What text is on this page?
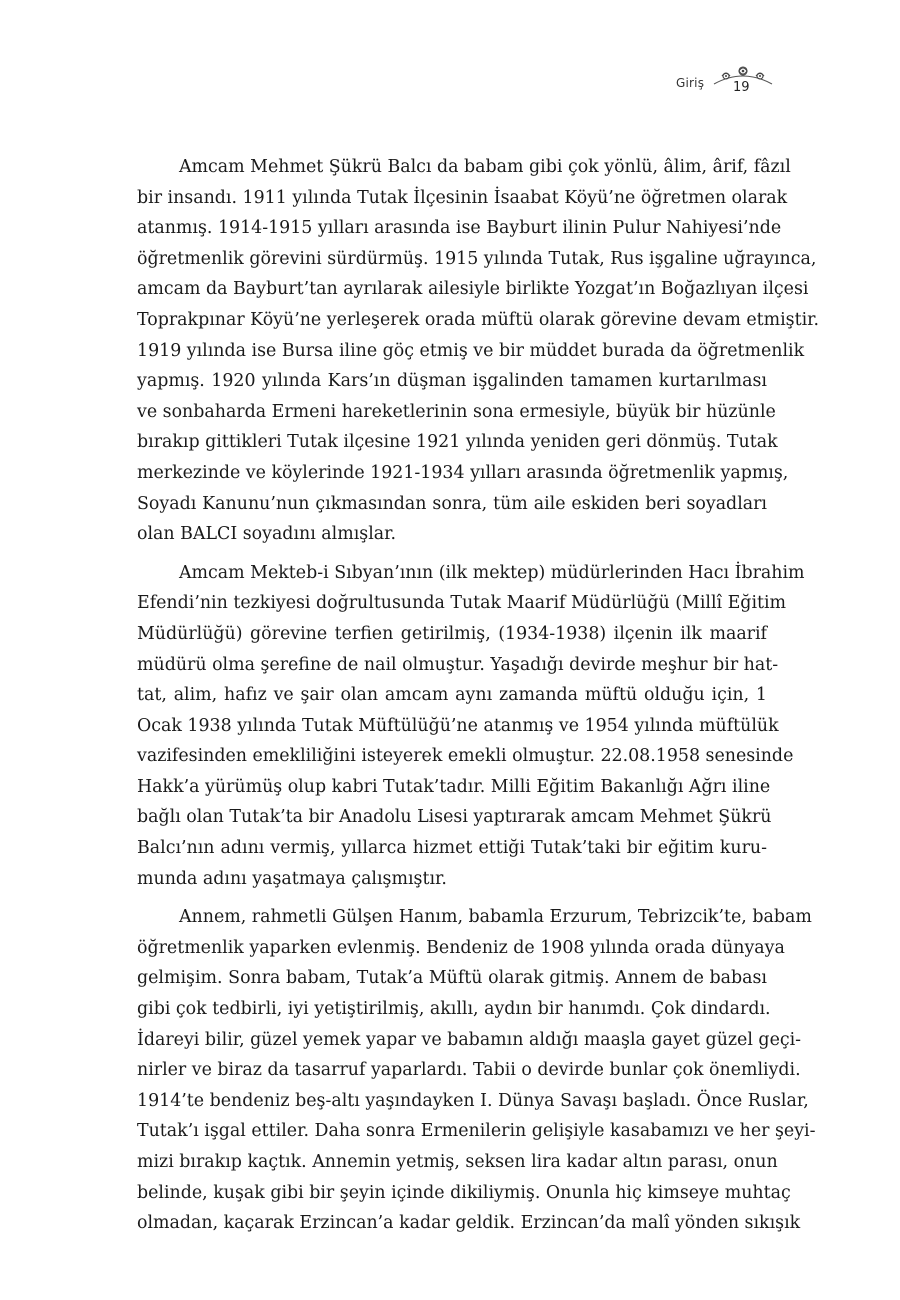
Giriş 19
Amcam Mehmet Şükrü Balcı da babam gibi çok yönlü, âlim, ârif, fâzıl
bir insandı. 1911 yılında Tutak İlçesinin İsaabat Köyü’ne öğretmen olarak
atanmış. 1914-1915 yılları arasında ise Bayburt ilinin Pulur Nahiyesi’nde
öğretmenlik görevini sürdürmüş. 1915 yılında Tutak, Rus işgaline uğrayınca,
amcam da Bayburt’tan ayrılarak ailesiyle birlikte Yozgat’ın Boğazlıyan ilçesi
Toprakpınar Köyü’ne yerleşerek orada müftü olarak görevine devam etmiştir.
1919 yılında ise Bursa iline göç etmiş ve bir müddet burada da öğretmenlik
yapmış. 1920 yılında Kars’ın düşman işgalinden tamamen kurtarılması
ve sonbaharda Ermeni hareketlerinin sona ermesiyle, büyük bir hüzünle
bırakıp gittikleri Tutak ilçesine 1921 yılında yeniden geri dönmüş. Tutak
merkezinde ve köylerinde 1921-1934 yılları arasında öğretmenlik yapmış,
Soyadı Kanunu’nun çıkmasından sonra, tüm aile eskiden beri soyadları
olan BALCI soyadını almışlar.
Amcam Mekteb-i Sıbyan’ının (ilk mektep) müdürlerinden Hacı İbrahim
Efendi’nin tezkiyesi doğrultusunda Tutak Maarif Müdürlüğü (Millî Eğitim
Müdürlüğü) görevine terfien getirilmiş, (1934-1938) ilçenin ilk maarif
müdürü olma şerefine de nail olmuştur. Yaşadığı devirde meşhur bir hat-
tat, alim, hafız ve şair olan amcam aynı zamanda müftü olduğu için, 1
Ocak 1938 yılında Tutak Müftülüğü’ne atanmış ve 1954 yılında müftülük
vazifesinden emekliliğini isteyerek emekli olmuştur. 22.08.1958 senesinde
Hakk’a yürümüş olup kabri Tutak’tadır. Milli Eğitim Bakanlığı Ağrı iline
bağlı olan Tutak’ta bir Anadolu Lisesi yaptırarak amcam Mehmet Şükrü
Balcı’nın adını vermiş, yıllarca hizmet ettiği Tutak’taki bir eğitim kuru-
munda adını yaşatmaya çalışmıştır.
Annem, rahmetli Gülşen Hanım, babamla Erzurum, Tebrizcik’te, babam
öğretmenlik yaparken evlenmiş. Bendeniz de 1908 yılında orada dünyaya
gelmişim. Sonra babam, Tutak’a Müftü olarak gitmiş. Annem de babası
gibi çok tedbirli, iyi yetiştirilmiş, akıllı, aydın bir hanımdı. Çok dindardı.
İdareyi bilir, güzel yemek yapar ve babamın aldığı maaşla gayet güzel geçi-
nirler ve biraz da tasarruf yaparlardı. Tabii o devirde bunlar çok önemliydi.
1914’te bendeniz beş-altı yaşındayken I. Dünya Savaşı başladı. Önce Ruslar,
Tutak’ı işgal ettiler. Daha sonra Ermenilerin gelişiyle kasabamızı ve her şeyi-
mizi bırakıp kaçtık. Annemin yetmiş, seksen lira kadar altın parası, onun
belinde, kuşak gibi bir şeyin içinde dikiliymiş. Onunla hiç kimseye muhtaç
olmadan, kaçarak Erzincan’a kadar geldik. Erzincan’da malî yönden sıkışık
